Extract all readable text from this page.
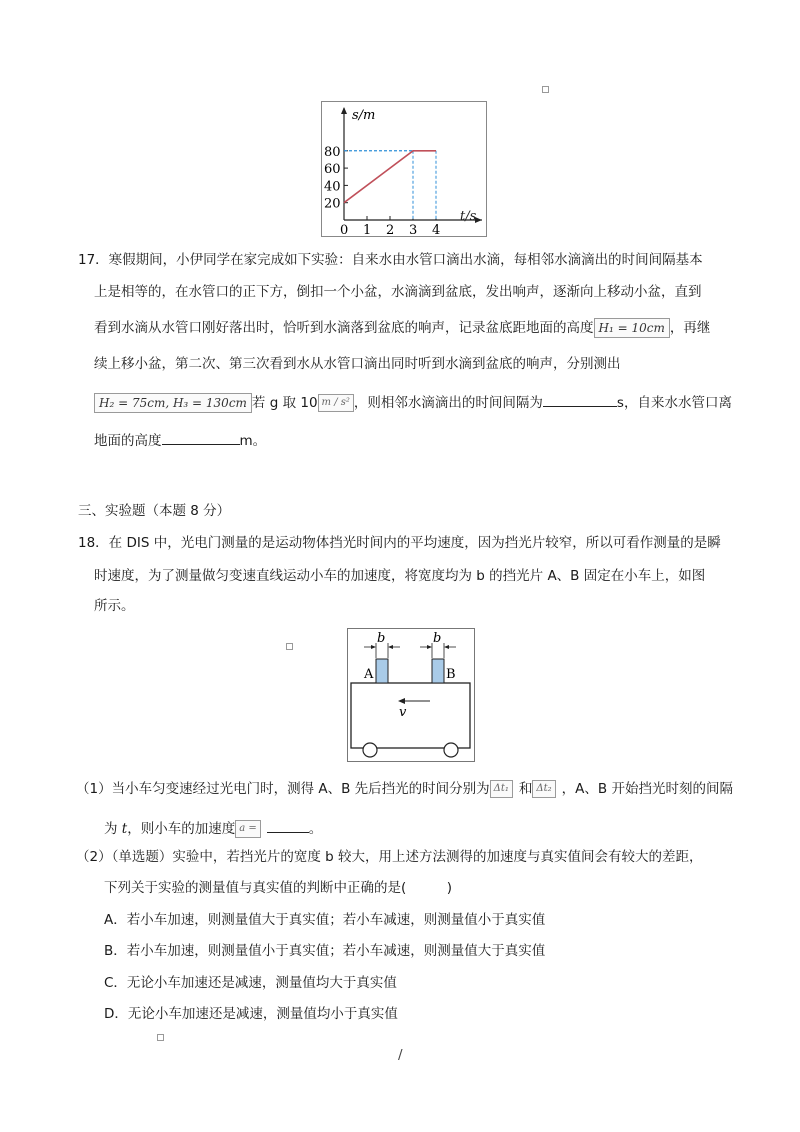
20
40
60
80
0 1 2 3 4
s/m
t/s
17．寒假期间，小伊同学在家完成如下实验：自来水由水管口滴出水滴，每相邻水滴滴出的时间间隔基本
上是相等的，在水管口的正下方，倒扣一个小盆，水滴滴到盆底，发出响声，逐渐向上移动小盆，直到
看到水滴从水管口刚好落出时，恰听到水滴落到盆底的响声，记录盆底距地面的高度 H₁ = 10cm ，再继
续上移小盆，第二次、第三次看到水从水管口滴出同时听到水滴到盆底的响声，分别测出
H₂ = 75cm, H₃ = 130cm 若 g 取 10 m / s² ，则相邻水滴滴出的时间间隔为	s，自来水水管口离
地面的高度	m。
三、实验题（本题 8 分）
18．在 DIS 中，光电门测量的是运动物体挡光时间内的平均速度，因为挡光片较窄，所以可看作测量的是瞬
时速度，为了测量做匀变速直线运动小车的加速度，将宽度均为 b 的挡光片 A、B 固定在小车上，如图
所示。
b	b
A	B
v
（1）当小车匀变速经过光电门时，测得 A、B 先后挡光的时间分别为 Δt₁ 和 Δt₂ ，A、B 开始挡光时刻的间隔
为 t，则小车的加速度 a =	。
（2）（单选题）实验中，若挡光片的宽度 b 较大，用上述方法测得的加速度与真实值间会有较大的差距，
下列关于实验的测量值与真实值的判断中正确的是(　　　)
A．若小车加速，则测量值大于真实值；若小车减速，则测量值小于真实值
B．若小车加速，则测量值小于真实值；若小车减速，则测量值大于真实值
C．无论小车加速还是减速，测量值均大于真实值
D．无论小车加速还是减速，测量值均小于真实值
/
